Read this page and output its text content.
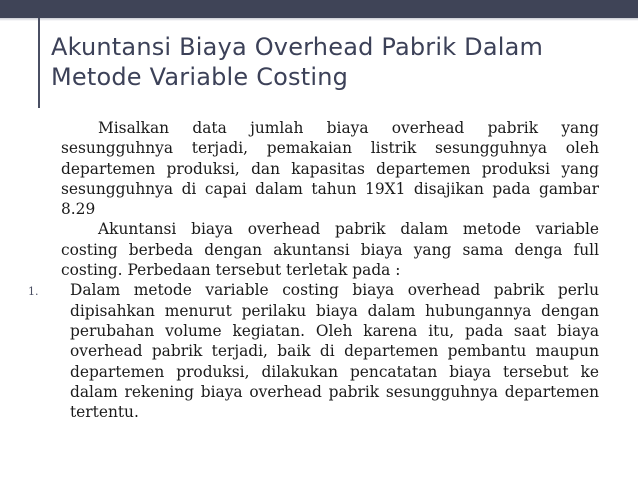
Akuntansi Biaya Overhead Pabrik Dalam Metode Variable Costing

Misalkan data jumlah biaya overhead pabrik yang sesungguhnya terjadi, pemakaian listrik sesungguhnya oleh departemen produksi, dan kapasitas departemen produksi yang sesungguhnya di capai dalam tahun 19X1 disajikan pada gambar 8.29

Akuntansi biaya overhead pabrik dalam metode variable costing berbeda dengan akuntansi biaya yang sama denga full costing. Perbedaan tersebut terletak pada :

1. Dalam metode variable costing biaya overhead pabrik perlu dipisahkan menurut perilaku biaya dalam hubungannya dengan perubahan volume kegiatan. Oleh karena itu, pada saat biaya overhead pabrik terjadi, baik di departemen pembantu maupun departemen produksi, dilakukan pencatatan biaya tersebut ke dalam rekening biaya overhead pabrik sesungguhnya departemen tertentu.
